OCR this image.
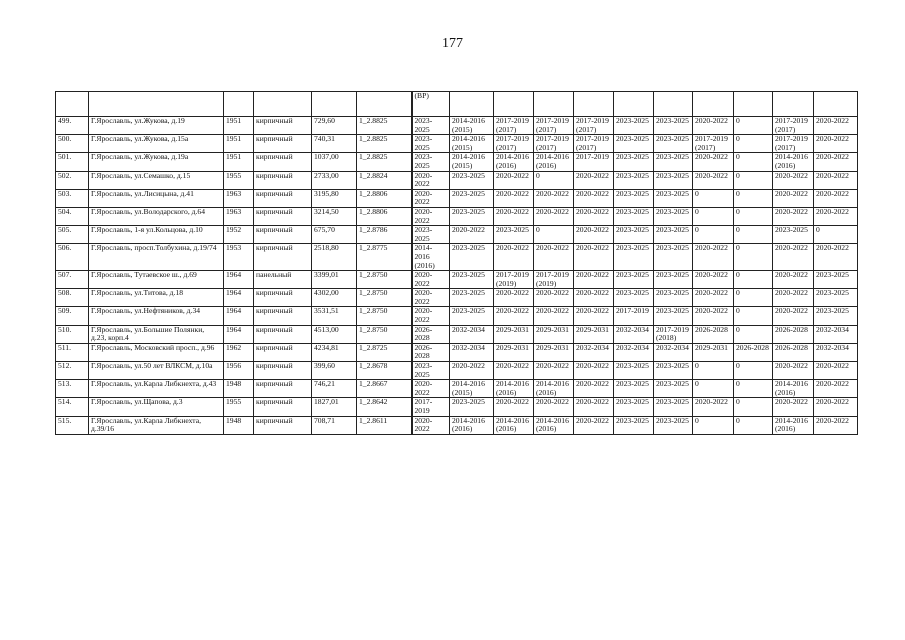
177
						(ВР)										
499.	Г.Ярославль, ул.Жукова, д.19	1951	кирпичный	729,60	1_2.8825	2023-2025	2014-2016 (2015)	2017-2019 (2017)	2017-2019 (2017)	2017-2019 (2017)	2023-2025	2023-2025	2020-2022	0	2017-2019 (2017)	2020-2022
500.	Г.Ярославль, ул.Жукова, д.15а	1951	кирпичный	740,31	1_2.8825	2023-2025	2014-2016 (2015)	2017-2019 (2017)	2017-2019 (2017)	2017-2019 (2017)	2023-2025	2023-2025	2017-2019 (2017)	0	2017-2019 (2017)	2020-2022
501.	Г.Ярославль, ул.Жукова, д.19а	1951	кирпичный	1037,00	1_2.8825	2023-2025	2014-2016 (2015)	2014-2016 (2016)	2014-2016 (2016)	2017-2019	2023-2025	2023-2025	2020-2022	0	2014-2016 (2016)	2020-2022
502.	Г.Ярославль, ул.Семашко, д.15	1955	кирпичный	2733,00	1_2.8824	2020-2022	2023-2025	2020-2022	0	2020-2022	2023-2025	2023-2025	2020-2022	0	2020-2022	2020-2022
503.	Г.Ярославль, ул.Лисицына, д.41	1963	кирпичный	3195,80	1_2.8806	2020-2022	2023-2025	2020-2022	2020-2022	2020-2022	2023-2025	2023-2025	0	0	2020-2022	2020-2022
504.	Г.Ярославль, ул.Володарского, д.64	1963	кирпичный	3214,50	1_2.8806	2020-2022	2023-2025	2020-2022	2020-2022	2020-2022	2023-2025	2023-2025	0	0	2020-2022	2020-2022
505.	Г.Ярославль, 1-я ул.Кольцова, д.10	1952	кирпичный	675,70	1_2.8786	2023-2025	2020-2022	2023-2025	0	2020-2022	2023-2025	2023-2025	0	0	2023-2025	0
506.	Г.Ярославль, просп.Толбухина, д.19/74	1953	кирпичный	2518,80	1_2.8775	2014-2016 (2016)	2023-2025	2020-2022	2020-2022	2020-2022	2023-2025	2023-2025	2020-2022	0	2020-2022	2020-2022
507.	Г.Ярославль, Тутаевское ш., д.69	1964	панельный	3399,01	1_2.8750	2020-2022	2023-2025	2017-2019 (2019)	2017-2019 (2019)	2020-2022	2023-2025	2023-2025	2020-2022	0	2020-2022	2023-2025
508.	Г.Ярославль, ул.Титова, д.18	1964	кирпичный	4302,00	1_2.8750	2020-2022	2023-2025	2020-2022	2020-2022	2020-2022	2023-2025	2023-2025	2020-2022	0	2020-2022	2023-2025
509.	Г.Ярославль, ул.Нефтяников, д.34	1964	кирпичный	3531,51	1_2.8750	2020-2022	2023-2025	2020-2022	2020-2022	2020-2022	2017-2019	2023-2025	2020-2022	0	2020-2022	2023-2025
510.	Г.Ярославль, ул.Большие Полянки, д.23, корп.4	1964	кирпичный	4513,00	1_2.8750	2026-2028	2032-2034	2029-2031	2029-2031	2029-2031	2032-2034	2017-2019 (2018)	2026-2028	0	2026-2028	2032-2034
511.	Г.Ярославль, Московский просп., д.96	1962	кирпичный	4234,81	1_2.8725	2026-2028	2032-2034	2029-2031	2029-2031	2032-2034	2032-2034	2032-2034	2029-2031	2026-2028	2026-2028	2032-2034
512.	Г.Ярославль, ул.50 лет ВЛКСМ, д.10а	1956	кирпичный	399,60	1_2.8678	2023-2025	2020-2022	2020-2022	2020-2022	2020-2022	2023-2025	2023-2025	0	0	2020-2022	2020-2022
513.	Г.Ярославль, ул.Карла Либкнехта, д.43	1948	кирпичный	746,21	1_2.8667	2020-2022	2014-2016 (2015)	2014-2016 (2016)	2014-2016 (2016)	2020-2022	2023-2025	2023-2025	0	0	2014-2016 (2016)	2020-2022
514.	Г.Ярославль, ул.Щапова, д.3	1955	кирпичный	1827,01	1_2.8642	2017-2019	2023-2025	2020-2022	2020-2022	2020-2022	2023-2025	2023-2025	2020-2022	0	2020-2022	2020-2022
515.	Г.Ярославль, ул.Карла Либкнехта, д.39/16	1948	кирпичный	708,71	1_2.8611	2020-2022	2014-2016 (2016)	2014-2016 (2016)	2014-2016 (2016)	2020-2022	2023-2025	2023-2025	0	0	2014-2016 (2016)	2020-2022
